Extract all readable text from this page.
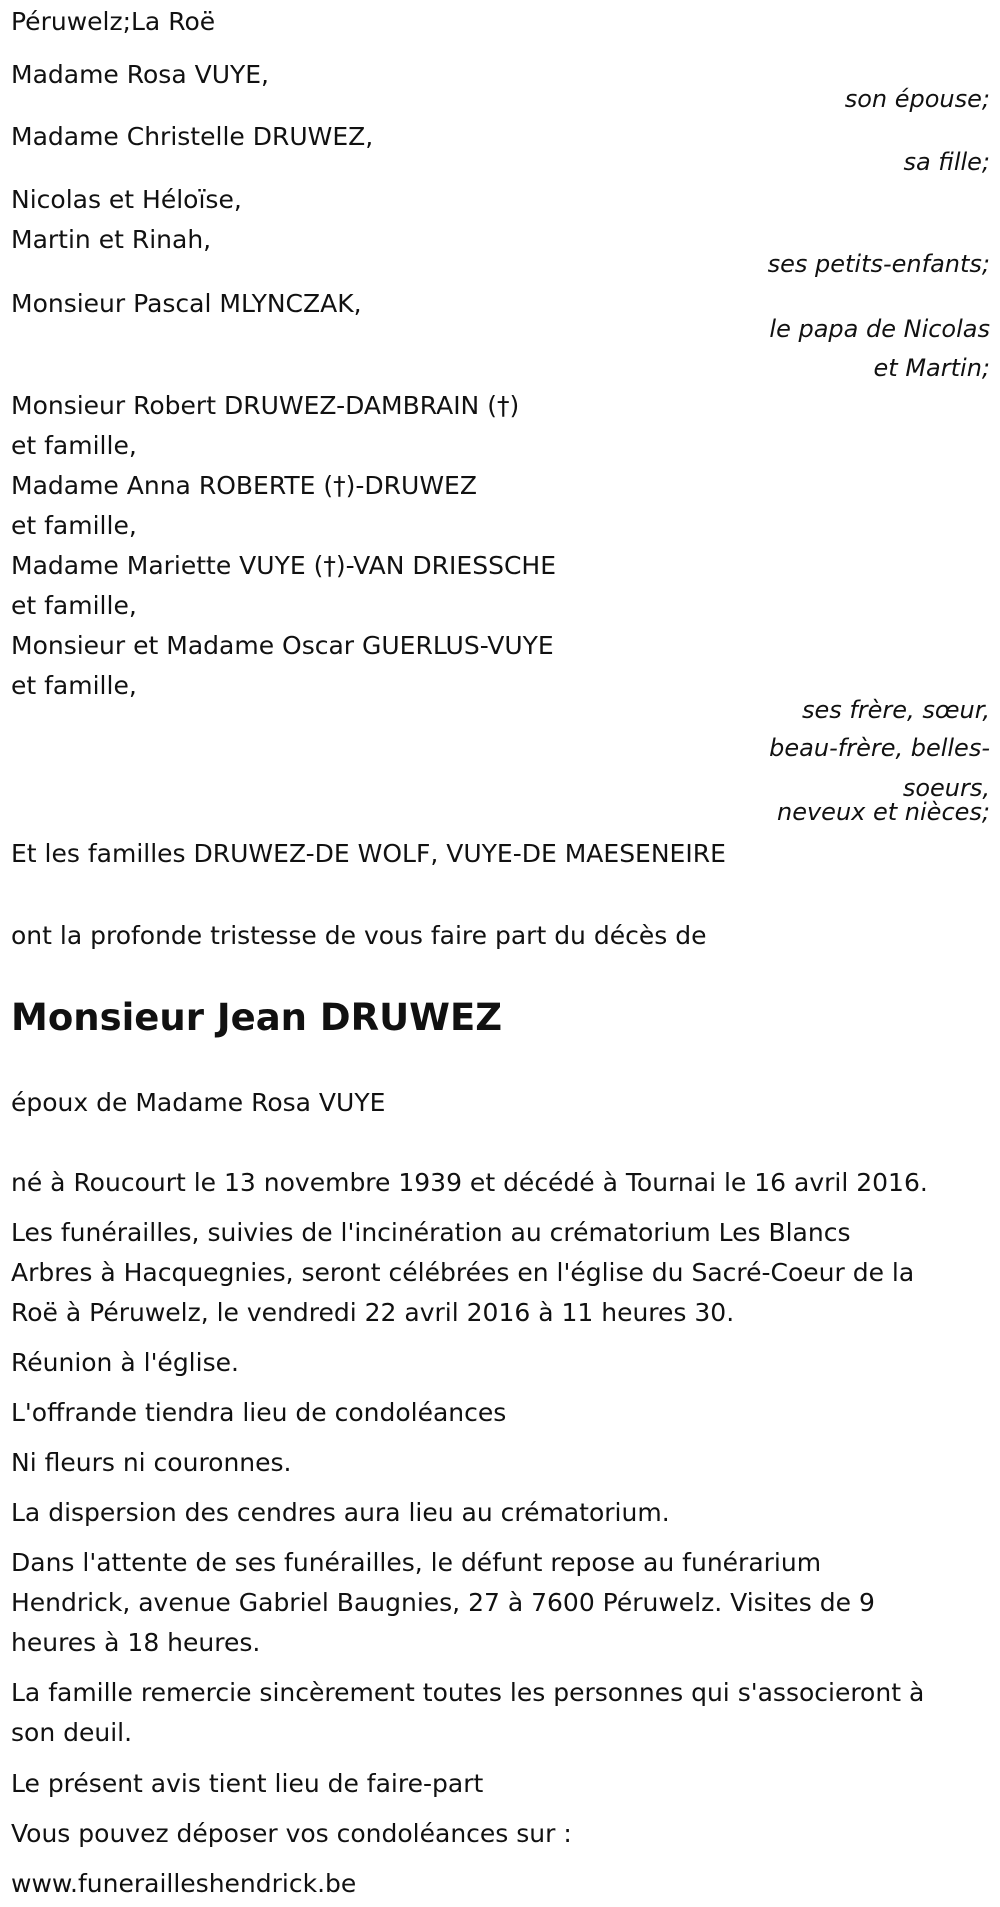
Péruwelz;La Roë
Madame Rosa VUYE,
son épouse;
Madame Christelle DRUWEZ,
sa fille;
Nicolas et Héloïse,
Martin et Rinah,
ses petits-enfants;
Monsieur Pascal MLYNCZAK,
le papa de Nicolas
et Martin;
Monsieur Robert DRUWEZ-DAMBRAIN (†)
et famille,
Madame Anna ROBERTE (†)-DRUWEZ
et famille,
Madame Mariette VUYE (†)-VAN DRIESSCHE
et famille,
Monsieur et Madame Oscar GUERLUS-VUYE
et famille,
ses frère, sœur,
beau-frère, belles-
soeurs,
neveux et nièces;
Et les familles DRUWEZ-DE WOLF, VUYE-DE MAESENEIRE
ont la profonde tristesse de vous faire part du décès de
Monsieur Jean DRUWEZ
époux de Madame Rosa VUYE
né à Roucourt le 13 novembre 1939 et décédé à Tournai le 16 avril 2016.
Les funérailles, suivies de l'incinération au crématorium Les Blancs
Arbres à Hacquegnies, seront célébrées en l'église du Sacré-Coeur de la
Roë à Péruwelz, le vendredi 22 avril 2016 à 11 heures 30.
Réunion à l'église.
L'offrande tiendra lieu de condoléances
Ni fleurs ni couronnes.
La dispersion des cendres aura lieu au crématorium.
Dans l'attente de ses funérailles, le défunt repose au funérarium
Hendrick, avenue Gabriel Baugnies, 27 à 7600 Péruwelz. Visites de 9
heures à 18 heures.
La famille remercie sincèrement toutes les personnes qui s'associeront à
son deuil.
Le présent avis tient lieu de faire-part
Vous pouvez déposer vos condoléances sur :
www.funerailleshendrick.be
